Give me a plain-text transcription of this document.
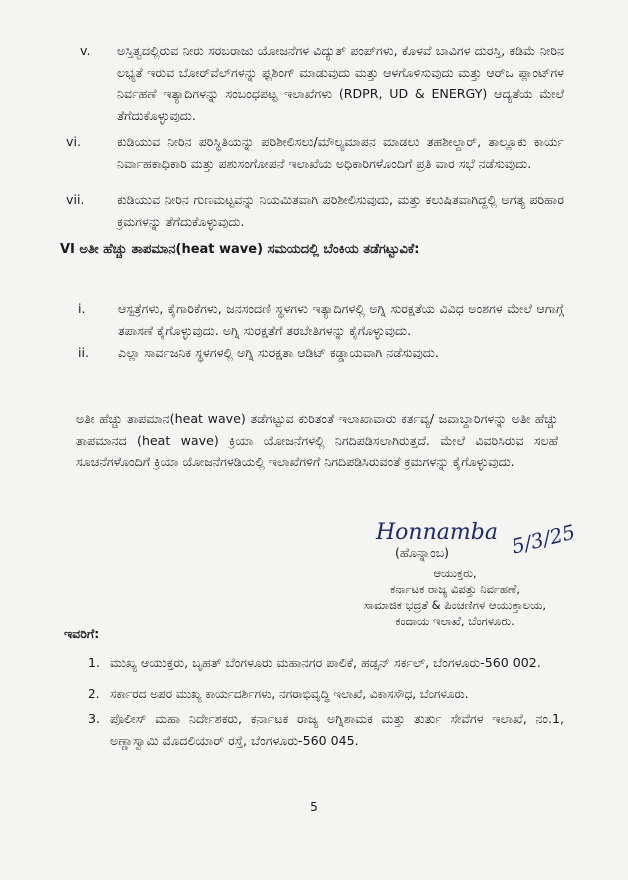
v. ಅಸ್ತಿತ್ವದಲ್ಲಿರುವ ನೀರು ಸರಬರಾಜು ಯೋಜನೆಗಳ ವಿದ್ಯುತ್ ಪಂಪ್‌ಗಳು, ಕೊಳವೆ ಬಾವಿಗಳ ದುರಸ್ತಿ, ಕಡಿಮೆ ನೀರಿನ ಲಭ್ಯತೆ ಇರುವ ಬೋರ್‌ವೆಲ್‌ಗಳನ್ನು ಫ್ಲಶಿಂಗ್ ಮಾಡುವುದು ಮತ್ತು ಆಳಗೊಳಿಸುವುದು ಮತ್ತು ಆರ್‌ಒ ಪ್ಲಾಂಟ್‌ಗಳ ನಿರ್ವಹಣೆ ಇತ್ಯಾದಿಗಳನ್ನು ಸಂಬಂಧಪಟ್ಟ ಇಲಾಖೆಗಳು (RDPR, UD & ENERGY) ಆದ್ಯತೆಯ ಮೇಲೆ ತೆಗೆದುಕೊಳ್ಳುವುದು.
vi.	ಕುಡಿಯುವ ನೀರಿನ ಪರಿಸ್ಥಿತಿಯನ್ನು ಪರಿಶೀಲಿಸಲು/ಮೌಲ್ಯಮಾಪನ ಮಾಡಲು ತಹಶೀಲ್ದಾರ್, ತಾಲ್ಲೂಕು ಕಾರ್ಯ ನಿರ್ವಾಹಕಾಧಿಕಾರಿ ಮತ್ತು ಪಶುಸಂಗೋಪನೆ ಇಲಾಖೆಯ ಅಧಿಕಾರಿಗಳೊಂದಿಗೆ ಪ್ರತಿ ವಾರ ಸಭೆ ನಡೆಸುವುದು.
vii.	ಕುಡಿಯುವ ನೀರಿನ ಗುಣಮಟ್ಟವನ್ನು ನಿಯಮಿತವಾಗಿ ಪರಿಶೀಲಿಸುವುದು, ಮತ್ತು ಕಲುಷಿತವಾಗಿದ್ದಲ್ಲಿ ಅಗತ್ಯ ಪರಿಹಾರ ಕ್ರಮಗಳನ್ನು ತೆಗೆದುಕೊಳ್ಳುವುದು.
VI ಅತೀ ಹೆಚ್ಚು ತಾಪಮಾನ(heat wave) ಸಮಯದಲ್ಲಿ ಬೆಂಕಿಯ ತಡೆಗಟ್ಟುವಿಕೆ:
i.	ಆಸ್ಪತ್ರೆಗಳು, ಕೈಗಾರಿಕೆಗಳು, ಜನಸಂದಣಿ ಸ್ಥಳಗಳು ಇತ್ಯಾದಿಗಳಲ್ಲಿ ಅಗ್ನಿ ಸುರಕ್ಷತೆಯ ವಿವಿಧ ಅಂಶಗಳ ಮೇಲೆ ಆಗಾಗ್ಗೆ ತಪಾಸಣೆ ಕೈಗೊಳ್ಳುವುದು. ಅಗ್ನಿ ಸುರಕ್ಷತೆಗೆ ತರಬೇತಿಗಳನ್ನು ಕೈಗೊಳ್ಳುವುದು.
ii. ಎಲ್ಲಾ ಸಾರ್ವಜನಿಕ ಸ್ಥಳಗಳಲ್ಲಿ ಅಗ್ನಿ ಸುರಕ್ಷತಾ ಆಡಿಟ್ ಕಡ್ಡಾಯವಾಗಿ ನಡೆಸುವುದು.
ಅತೀ ಹೆಚ್ಚು ತಾಪಮಾನ(heat wave) ತಡೆಗಟ್ಟುವ ಕುರಿತಂತೆ ಇಲಾಖಾವಾರು ಕರ್ತವ್ಯ/ ಜವಾಬ್ದಾರಿಗಳನ್ನು ಅತೀ ಹೆಚ್ಚು ತಾಪಮಾನದ (heat wave) ಕ್ರಿಯಾ ಯೋಜನೆಗಳಲ್ಲಿ ನಿಗದಿಪಡಿಸಲಾಗಿರುತ್ತದೆ. ಮೇಲೆ ವಿವರಿಸಿರುವ ಸಲಹೆ ಸೂಚನೆಗಳೊಂದಿಗೆ ಕ್ರಿಯಾ ಯೋಜನೆಗಳಡಿಯಲ್ಲಿ ಇಲಾಖೆಗಳಿಗೆ ನಿಗದಿಪಡಿಸಿರುವಂತೆ ಕ್ರಮಗಳನ್ನು ಕೈಗೊಳ್ಳುವುದು.
Honnamba 5/3/25
(ಹೊನ್ನಾಂಬ)
ಆಯುಕ್ತರು,
ಕರ್ನಾಟಕ ರಾಜ್ಯ ವಿಪತ್ತು ನಿರ್ವಹಣೆ,
ಸಾಮಾಜಿಕ ಭದ್ರತೆ & ಪಿಂಚಣಿಗಳ ಆಯುಕ್ತಾಲಯ,
ಕಂದಾಯ ಇಲಾಖೆ, ಬೆಂಗಳೂರು.
ಇವರಿಗೆ:
1. ಮುಖ್ಯ ಆಯುಕ್ತರು, ಬೃಹತ್ ಬೆಂಗಳೂರು ಮಹಾನಗರ ಪಾಲಿಕೆ, ಹಡ್ಸನ್ ಸರ್ಕಲ್, ಬೆಂಗಳೂರು-560 002.
2. ಸರ್ಕಾರದ ಅಪರ ಮುಖ್ಯ ಕಾರ್ಯದರ್ಶಿಗಳು, ನಗರಾಭಿವೃದ್ಧಿ ಇಲಾಖೆ, ವಿಕಾಸಸೌಧ, ಬೆಂಗಳೂರು.
3. ಪೊಲೀಸ್ ಮಹಾ ನಿರ್ದೇಶಕರು, ಕರ್ನಾಟಕ ರಾಜ್ಯ ಅಗ್ನಿಶಾಮಕ ಮತ್ತು ತುರ್ತು ಸೇವೆಗಳ ಇಲಾಖೆ, ನಂ.1, ಅಣ್ಣಾಸ್ವಾಮಿ ಮೊದಲಿಯಾರ್ ರಸ್ತೆ, ಬೆಂಗಳೂರು-560 045.
5
